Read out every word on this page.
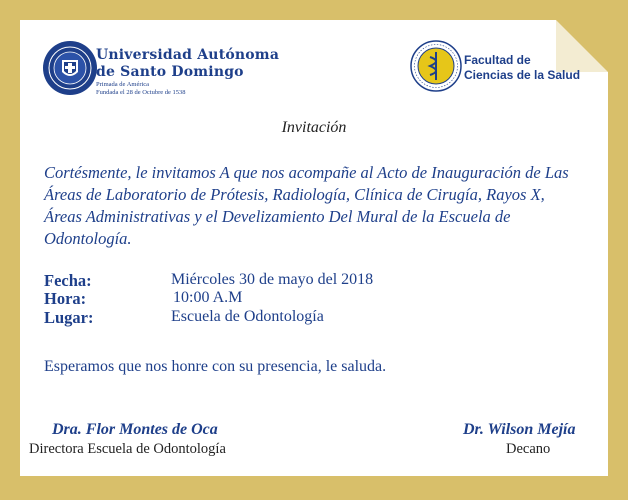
Universidad Autónoma
de Santo Domingo
Primada de América
Fundada el 28 de Octubre de 1538
Facultad de
Ciencias de la Salud
Invitación
Cortésmente, le invitamos A que nos acompañe al Acto de Inauguración de Las Áreas de Laboratorio de Prótesis, Radiología, Clínica de Cirugía, Rayos X, Áreas Administrativas y el Develizamiento Del Mural de la Escuela de Odontología.
Fecha:	Miércoles 30 de mayo del 2018
Hora:	10:00 A.M
Lugar:	Escuela de Odontología
Esperamos que nos honre con su presencia, le saluda.
Dra. Flor Montes de Oca
Directora Escuela de Odontología
Dr. Wilson Mejía
Decano
